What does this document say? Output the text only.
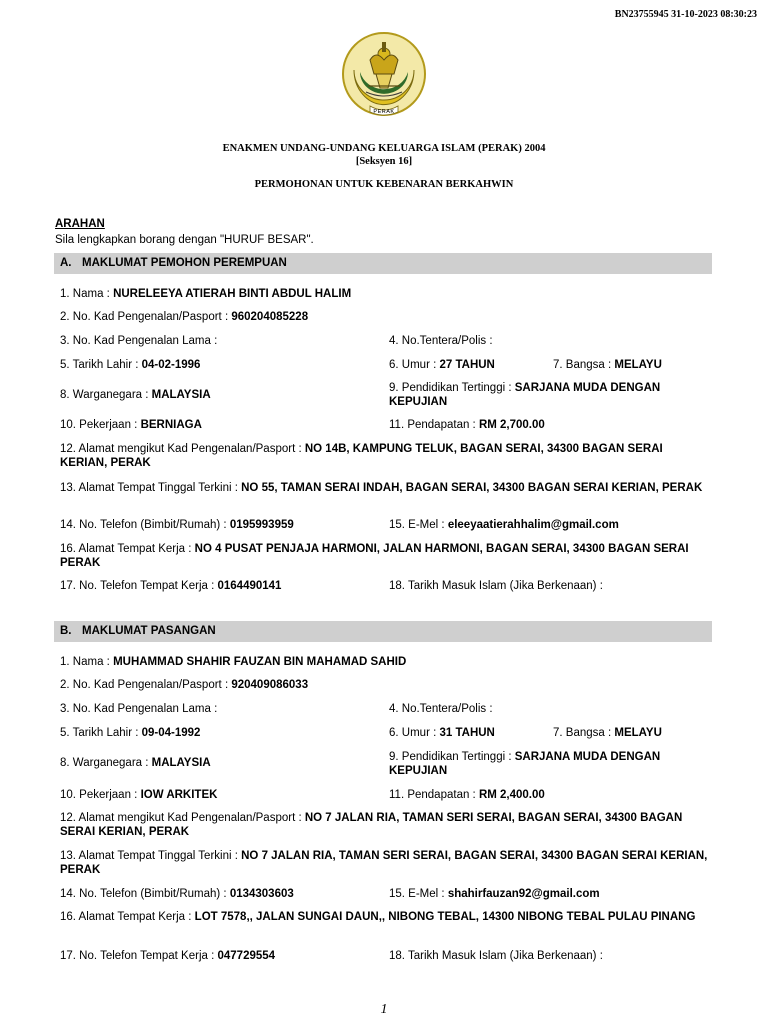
BN23755945 31-10-2023 08:30:23
PERAK
ENAKMEN UNDANG-UNDANG KELUARGA ISLAM (PERAK) 2004
[Seksyen 16]
PERMOHONAN UNTUK KEBENARAN BERKAHWIN
ARAHAN
Sila lengkapkan borang dengan "HURUF BESAR".
A. MAKLUMAT PEMOHON PEREMPUAN
1. Nama : NURELEEYA ATIERAH BINTI ABDUL HALIM
2. No. Kad Pengenalan/Pasport : 960204085228
3. No. Kad Pengenalan Lama :	4. No.Tentera/Polis :
5. Tarikh Lahir : 04-02-1996	6. Umur : 27 TAHUN	7. Bangsa : MELAYU
8. Warganegara : MALAYSIA
9. Pendidikan Tertinggi : SARJANA MUDA DENGAN KEPUJIAN
10. Pekerjaan : BERNIAGA	11. Pendapatan : RM 2,700.00
12. Alamat mengikut Kad Pengenalan/Pasport : NO 14B, KAMPUNG TELUK, BAGAN SERAI, 34300 BAGAN SERAI KERIAN, PERAK
13. Alamat Tempat Tinggal Terkini : NO 55, TAMAN SERAI INDAH, BAGAN SERAI, 34300 BAGAN SERAI KERIAN, PERAK
14. No. Telefon (Bimbit/Rumah) : 0195993959	15. E-Mel : eleeyaatierahhalim@gmail.com
16. Alamat Tempat Kerja : NO 4 PUSAT PENJAJA HARMONI, JALAN HARMONI, BAGAN SERAI, 34300 BAGAN SERAI PERAK
17. No. Telefon Tempat Kerja : 0164490141	18. Tarikh Masuk Islam (Jika Berkenaan) :
B. MAKLUMAT PASANGAN
1. Nama : MUHAMMAD SHAHIR FAUZAN BIN MAHAMAD SAHID
2. No. Kad Pengenalan/Pasport : 920409086033
3. No. Kad Pengenalan Lama :	4. No.Tentera/Polis :
5. Tarikh Lahir : 09-04-1992	6. Umur : 31 TAHUN	7. Bangsa : MELAYU
8. Warganegara : MALAYSIA	9. Pendidikan Tertinggi : SARJANA MUDA DENGAN KEPUJIAN
10. Pekerjaan : IOW ARKITEK	11. Pendapatan : RM 2,400.00
12. Alamat mengikut Kad Pengenalan/Pasport : NO 7 JALAN RIA, TAMAN SERI SERAI, BAGAN SERAI, 34300 BAGAN SERAI KERIAN, PERAK
13. Alamat Tempat Tinggal Terkini : NO 7 JALAN RIA, TAMAN SERI SERAI, BAGAN SERAI, 34300 BAGAN SERAI KERIAN, PERAK
14. No. Telefon (Bimbit/Rumah) : 0134303603	15. E-Mel : shahirfauzan92@gmail.com
16. Alamat Tempat Kerja : LOT 7578,, JALAN SUNGAI DAUN,, NIBONG TEBAL, 14300 NIBONG TEBAL PULAU PINANG
17. No. Telefon Tempat Kerja : 047729554	18. Tarikh Masuk Islam (Jika Berkenaan) :
1
